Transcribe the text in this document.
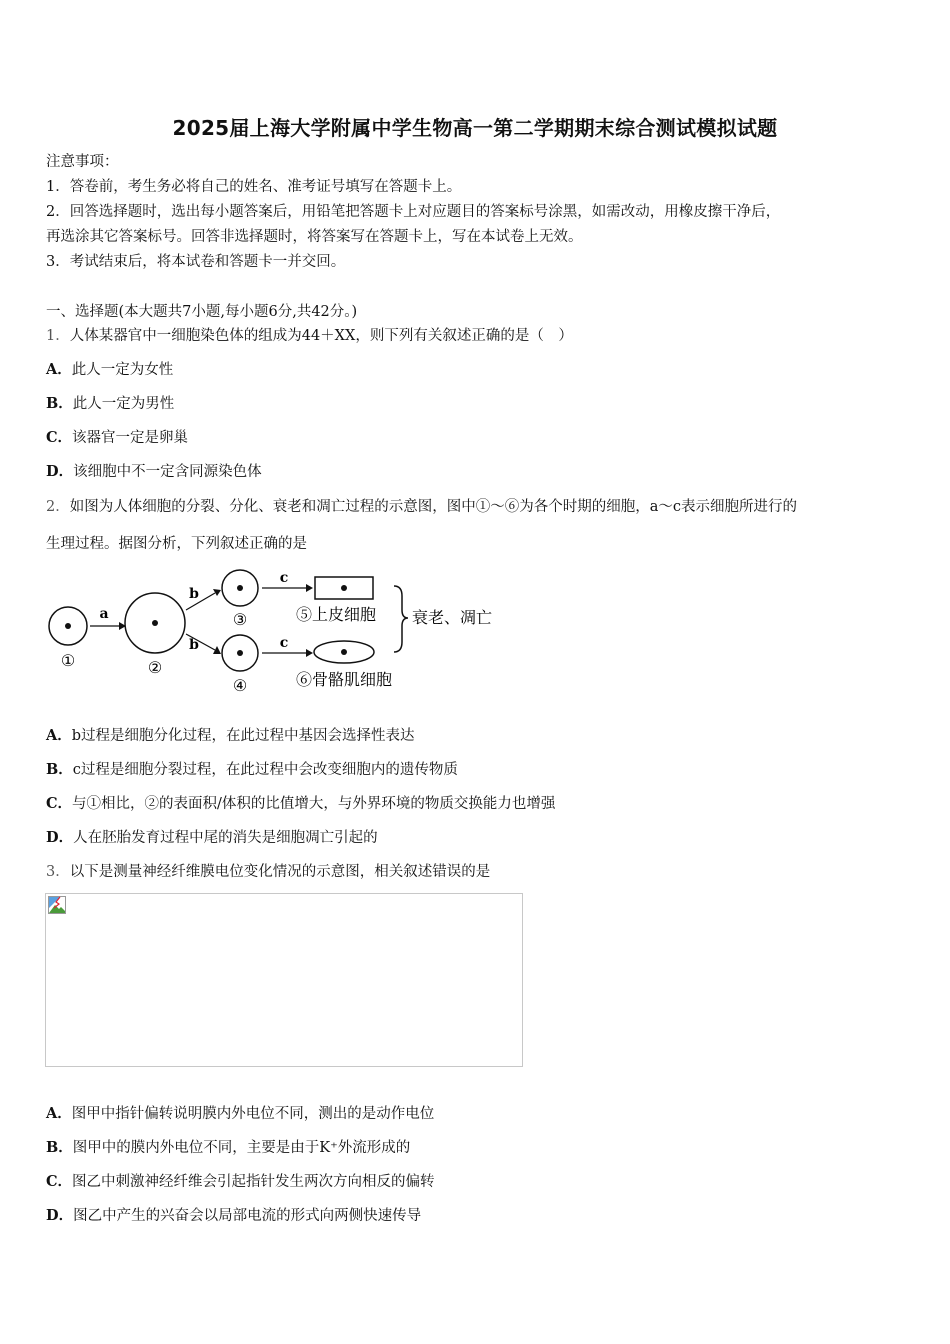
2025届上海大学附属中学生物高一第二学期期末综合测试模拟试题
注意事项：
1．答卷前，考生务必将自己的姓名、准考证号填写在答题卡上。
2．回答选择题时，选出每小题答案后，用铅笔把答题卡上对应题目的答案标号涂黑，如需改动，用橡皮擦干净后，
再选涂其它答案标号。回答非选择题时，将答案写在答题卡上，写在本试卷上无效。
3．考试结束后，将本试卷和答题卡一并交回。
一、选择题(本大题共7小题,每小题6分,共42分。)
1．人体某器官中一细胞染色体的组成为44＋XX，则下列有关叙述正确的是（　）
A．此人一定为女性
B．此人一定为男性
C．该器官一定是卵巢
D．该细胞中不一定含同源染色体
2．如图为人体细胞的分裂、分化、衰老和凋亡过程的示意图，图中①～⑥为各个时期的细胞，a～c表示细胞所进行的
生理过程。据图分析，下列叙述正确的是
①
a
②
b
b
③
④
c
c
⑤上皮细胞
⑥骨骼肌细胞
衰老、凋亡
A．b过程是细胞分化过程，在此过程中基因会选择性表达
B．c过程是细胞分裂过程，在此过程中会改变细胞内的遗传物质
C．与①相比，②的表面积/体积的比值增大，与外界环境的物质交换能力也增强
D．人在胚胎发育过程中尾的消失是细胞凋亡引起的
3．以下是测量神经纤维膜电位变化情况的示意图，相关叙述错误的是
A．图甲中指针偏转说明膜内外电位不同，测出的是动作电位
B．图甲中的膜内外电位不同，主要是由于K⁺外流形成的
C．图乙中刺激神经纤维会引起指针发生两次方向相反的偏转
D．图乙中产生的兴奋会以局部电流的形式向两侧快速传导
